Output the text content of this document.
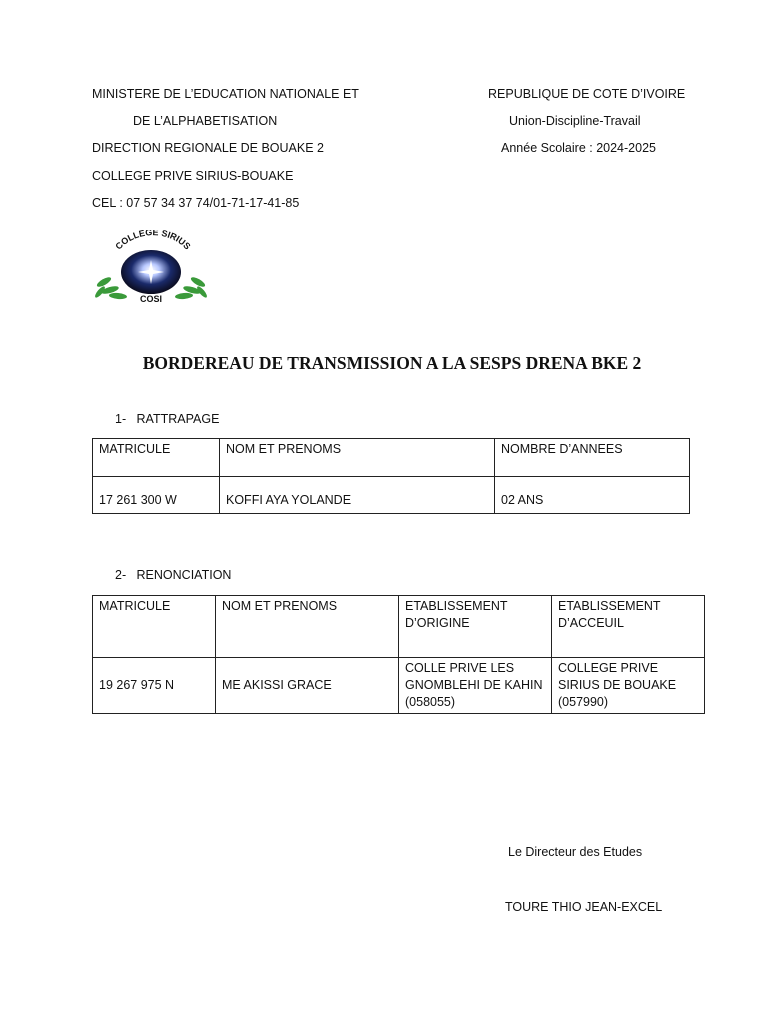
MINISTERE DE L’EDUCATION NATIONALE ET
DE L’ALPHABETISATION
DIRECTION REGIONALE DE BOUAKE 2
COLLEGE PRIVE SIRIUS-BOUAKE
CEL : 07 57 34 37 74/01-71-17-41-85
REPUBLIQUE DE COTE D’IVOIRE
Union-Discipline-Travail
Année Scolaire : 2024-2025
COLLEGE SIRIUS
COSI
BORDEREAU DE TRANSMISSION A LA SESPS DRENA BKE 2
1-   RATTRAPAGE
MATRICULE	NOM ET PRENOMS	NOMBRE D’ANNEES
17 261 300 W	KOFFI AYA YOLANDE	02 ANS
2-   RENONCIATION
MATRICULE	NOM ET PRENOMS	ETABLISSEMENT D’ORIGINE	ETABLISSEMENT D’ACCEUIL
19 267 975 N	ME AKISSI GRACE	COLLE PRIVE LES GNOMBLEHI DE KAHIN (058055)	COLLEGE PRIVE SIRIUS DE BOUAKE (057990)
Le Directeur des Etudes
TOURE THIO JEAN-EXCEL
